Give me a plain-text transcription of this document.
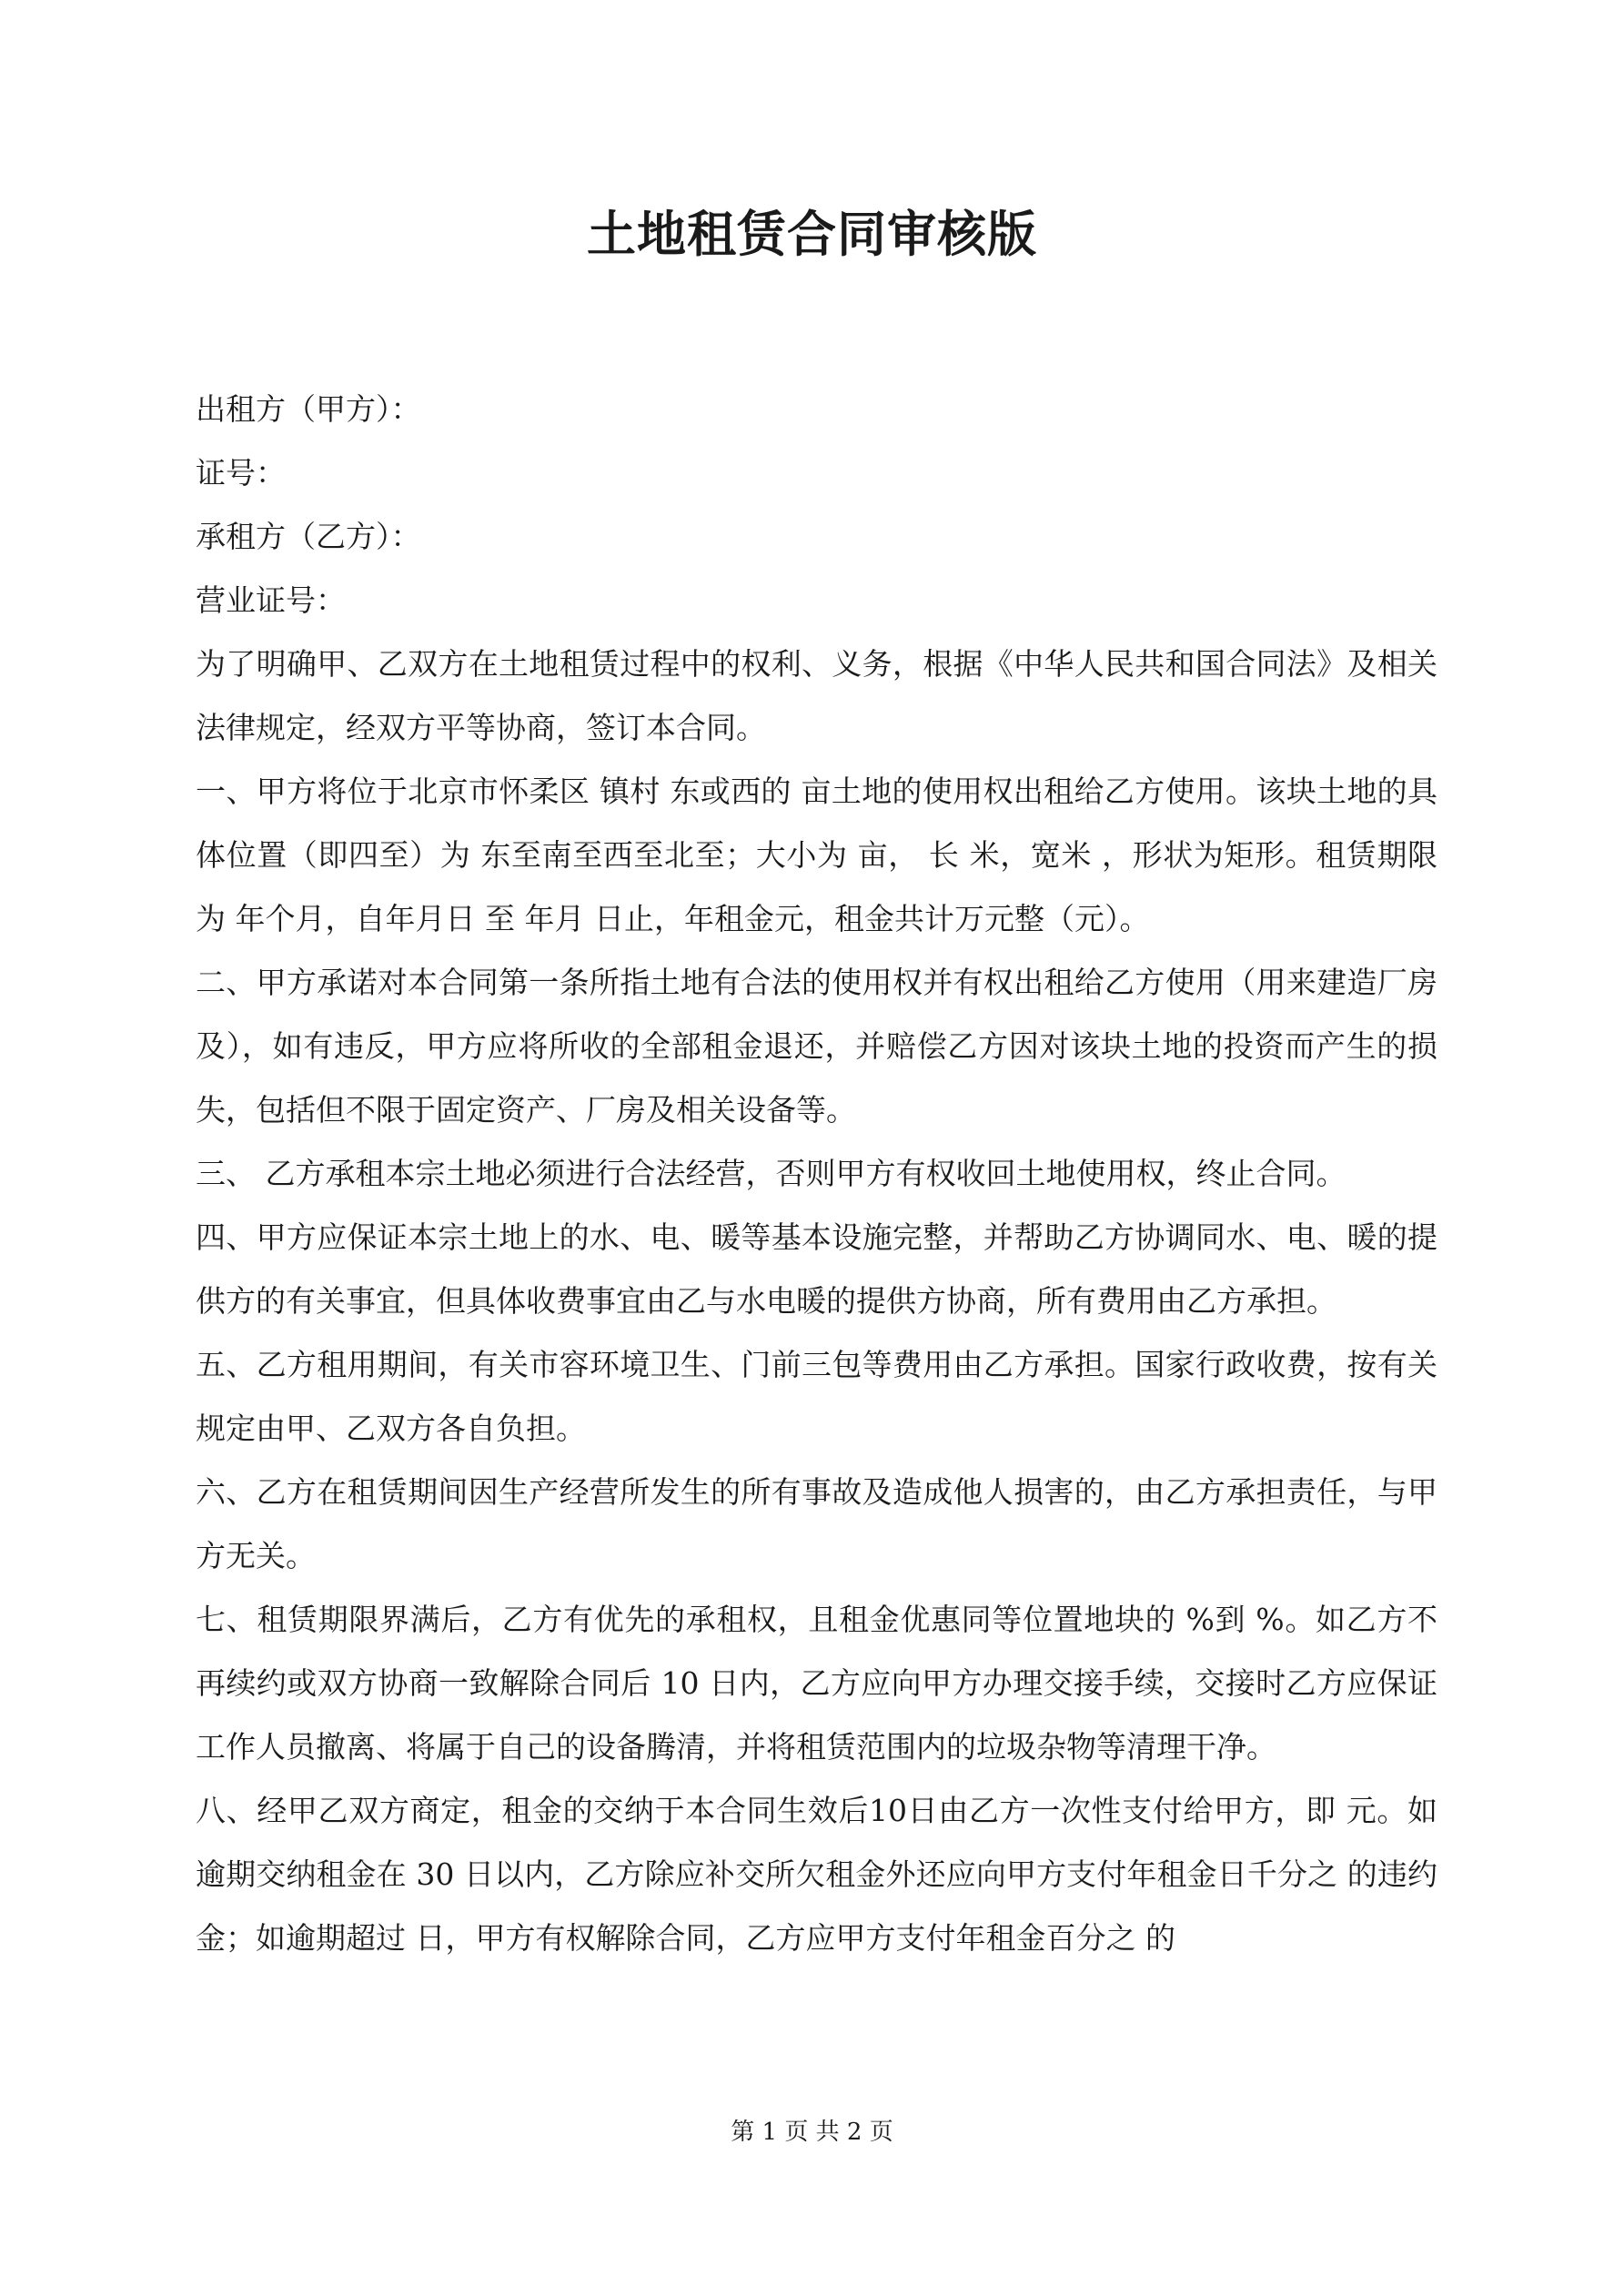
土地租赁合同审核版

出租方（甲方）：

证号：

承租方（乙方）：

营业证号：

为了明确甲、乙双方在土地租赁过程中的权利、义务，根据《中华人民共和国合同法》及相关法律规定，经双方平等协商，签订本合同。

一、甲方将位于北京市怀柔区 镇村 东或西的 亩土地的使用权出租给乙方使用。该块土地的具体位置（即四至）为 东至南至西至北至；大小为 亩， 长 米，宽米 ，形状为矩形。租赁期限为 年个月，自年月日 至 年月 日止，年租金元，租金共计万元整（元）。

二、甲方承诺对本合同第一条所指土地有合法的使用权并有权出租给乙方使用（用来建造厂房及），如有违反，甲方应将所收的全部租金退还，并赔偿乙方因对该块土地的投资而产生的损失，包括但不限于固定资产、厂房及相关设备等。

三、 乙方承租本宗土地必须进行合法经营，否则甲方有权收回土地使用权，终止合同。

四、甲方应保证本宗土地上的水、电、暖等基本设施完整，并帮助乙方协调同水、电、暖的提供方的有关事宜，但具体收费事宜由乙与水电暖的提供方协商，所有费用由乙方承担。

五、乙方租用期间，有关市容环境卫生、门前三包等费用由乙方承担。国家行政收费，按有关规定由甲、乙双方各自负担。

六、乙方在租赁期间因生产经营所发生的所有事故及造成他人损害的，由乙方承担责任，与甲方无关。

七、租赁期限界满后，乙方有优先的承租权，且租金优惠同等位置地块的 %到 %。如乙方不再续约或双方协商一致解除合同后 10 日内，乙方应向甲方办理交接手续，交接时乙方应保证工作人员撤离、将属于自己的设备腾清，并将租赁范围内的垃圾杂物等清理干净。

八、经甲乙双方商定，租金的交纳于本合同生效后10日由乙方一次性支付给甲方，即 元。如逾期交纳租金在 30 日以内，乙方除应补交所欠租金外还应向甲方支付年租金日千分之 的违约金；如逾期超过 日，甲方有权解除合同，乙方应甲方支付年租金百分之 的

第 1 页 共 2 页
